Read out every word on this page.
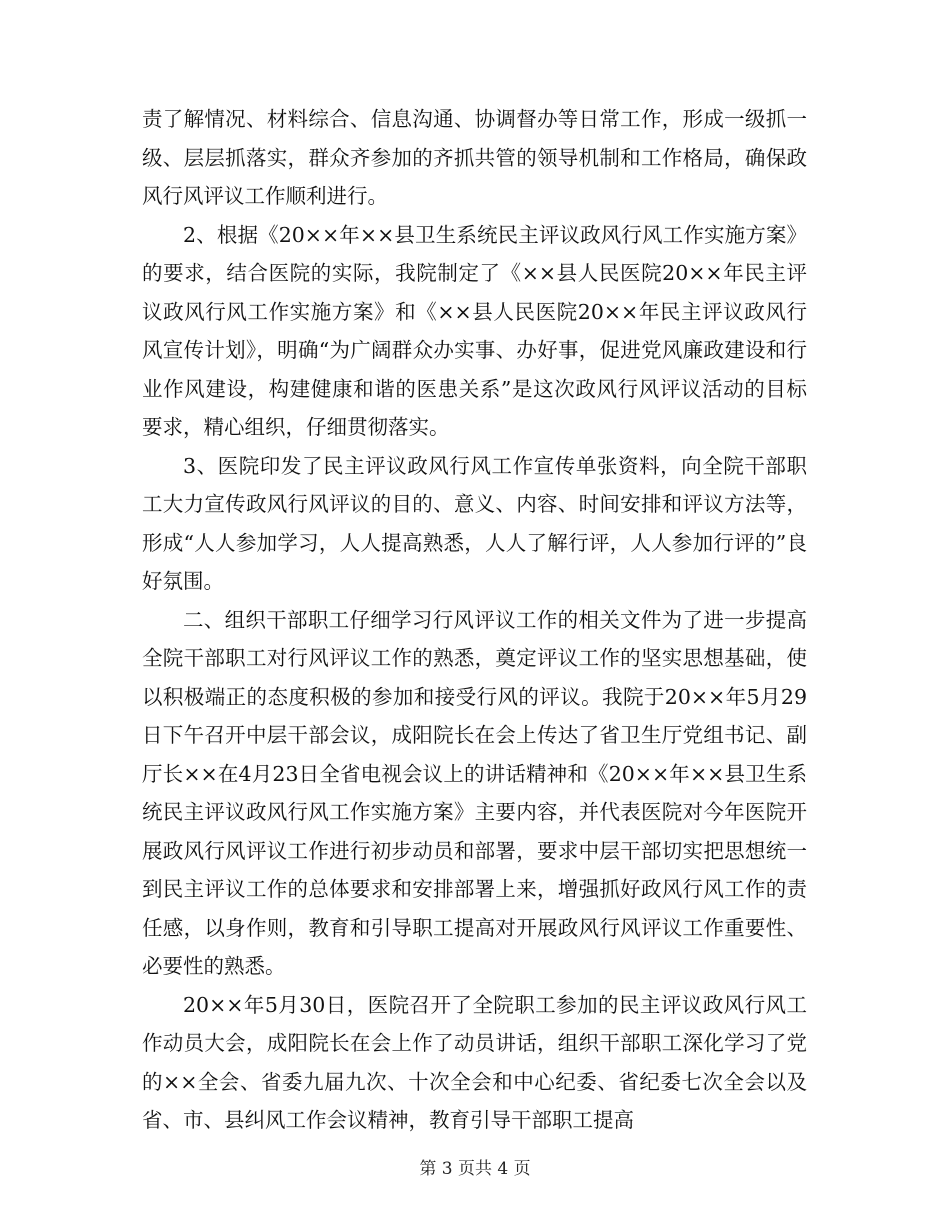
责了解情况、材料综合、信息沟通、协调督办等日常工作，形成一级抓一级、层层抓落实，群众齐参加的齐抓共管的领导机制和工作格局，确保政风行风评议工作顺利进行。

2、根据《20××年××县卫生系统民主评议政风行风工作实施方案》的要求，结合医院的实际，我院制定了《××县人民医院20××年民主评议政风行风工作实施方案》和《××县人民医院20××年民主评议政风行风宣传计划》，明确“为广阔群众办实事、办好事，促进党风廉政建设和行业作风建设，构建健康和谐的医患关系”是这次政风行风评议活动的目标要求，精心组织，仔细贯彻落实。

3、医院印发了民主评议政风行风工作宣传单张资料，向全院干部职工大力宣传政风行风评议的目的、意义、内容、时间安排和评议方法等，形成“人人参加学习，人人提高熟悉，人人了解行评，人人参加行评的”良好氛围。

二、组织干部职工仔细学习行风评议工作的相关文件为了进一步提高全院干部职工对行风评议工作的熟悉，奠定评议工作的坚实思想基础，使以积极端正的态度积极的参加和接受行风的评议。我院于20××年5月29日下午召开中层干部会议，成阳院长在会上传达了省卫生厅党组书记、副厅长××在4月23日全省电视会议上的讲话精神和《20××年××县卫生系统民主评议政风行风工作实施方案》主要内容，并代表医院对今年医院开展政风行风评议工作进行初步动员和部署，要求中层干部切实把思想统一到民主评议工作的总体要求和安排部署上来，增强抓好政风行风工作的责任感，以身作则，教育和引导职工提高对开展政风行风评议工作重要性、必要性的熟悉。

20××年5月30日，医院召开了全院职工参加的民主评议政风行风工作动员大会，成阳院长在会上作了动员讲话，组织干部职工深化学习了党的××全会、省委九届九次、十次全会和中心纪委、省纪委七次全会以及省、市、县纠风工作会议精神，教育引导干部职工提高

第 3 页共 4 页
